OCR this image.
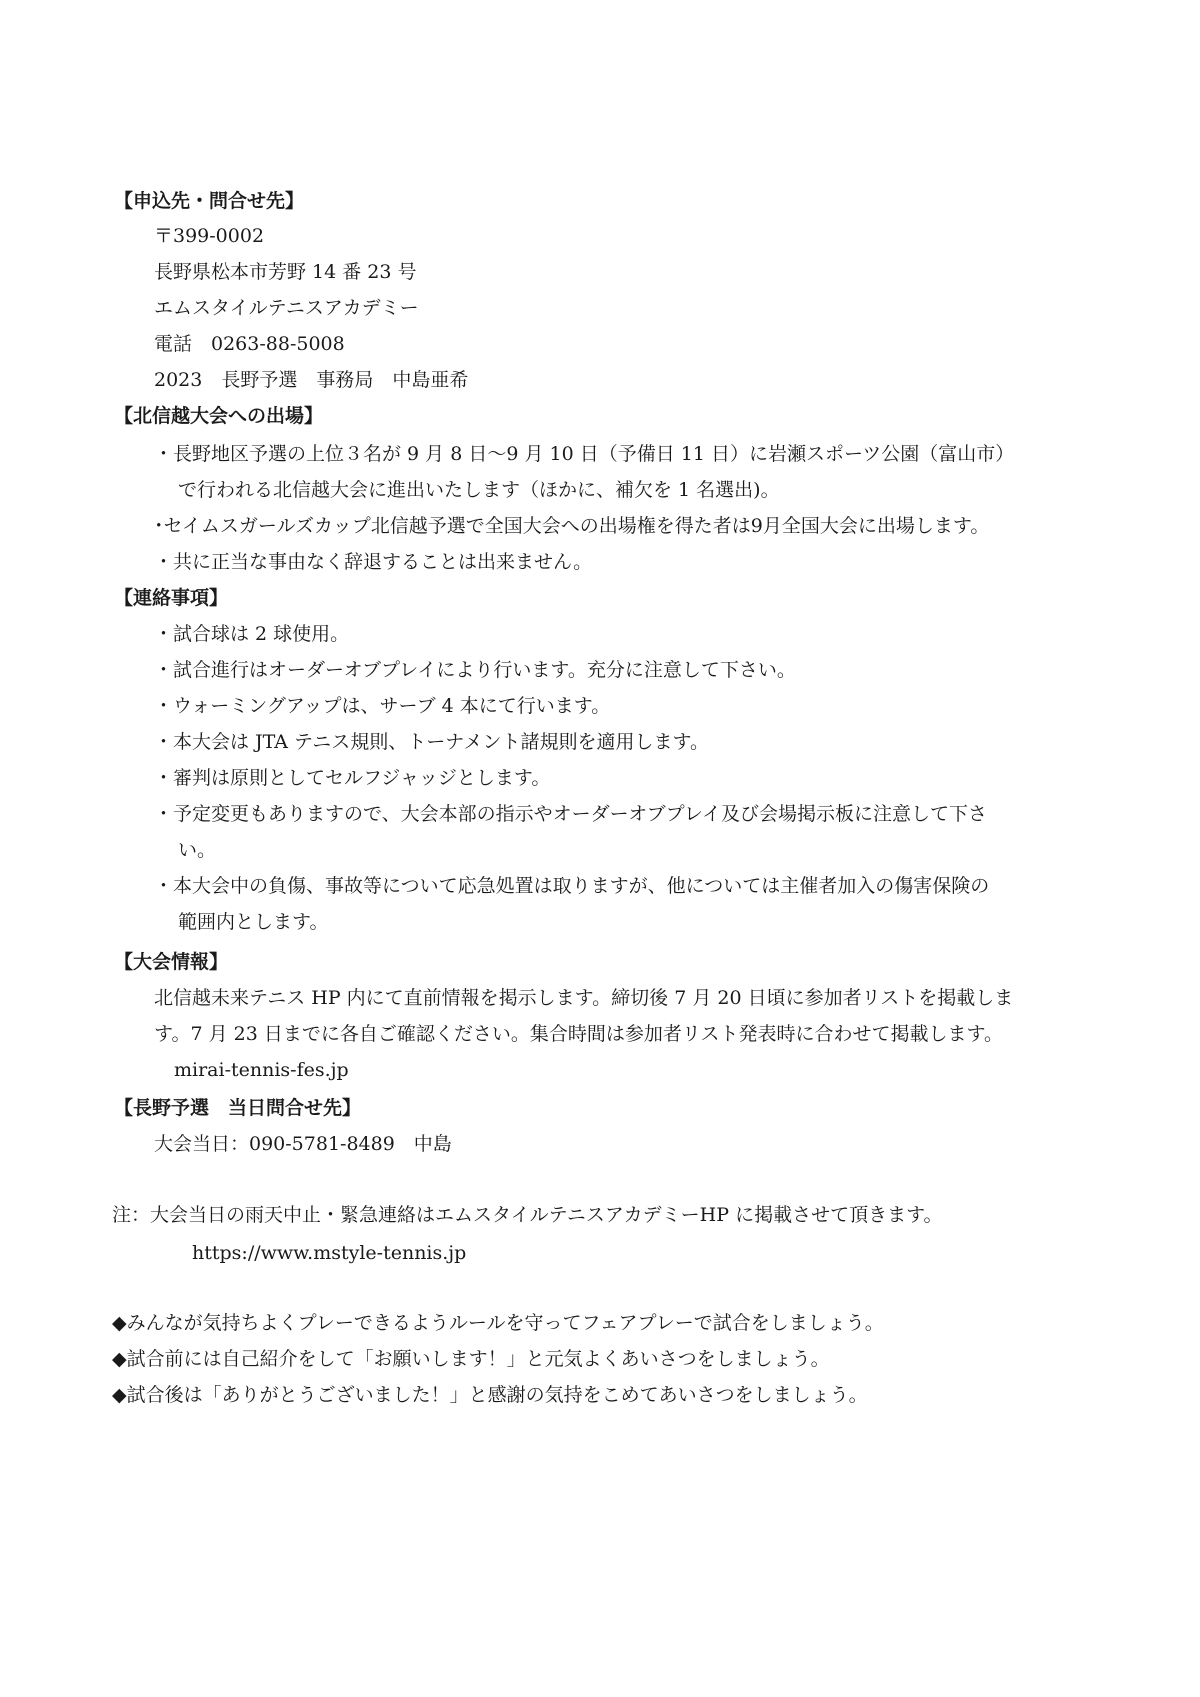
【申込先・問合せ先】
〒399-0002
長野県松本市芳野 14 番 23 号
エムスタイルテニスアカデミー
電話　0263-88-5008
2023　長野予選　事務局　中島亜希
【北信越大会への出場】
・長野地区予選の上位３名が 9 月 8 日～9 月 10 日（予備日 11 日）に岩瀬スポーツ公園（富山市）
で行われる北信越大会に進出いたします（ほかに、補欠を 1 名選出)。
･セイムスガールズカップ北信越予選で全国大会への出場権を得た者は9月全国大会に出場します。
・共に正当な事由なく辞退することは出来ません。
【連絡事項】
・試合球は 2 球使用。
・試合進行はオーダーオブプレイにより行います。充分に注意して下さい。
・ウォーミングアップは、サーブ 4 本にて行います。
・本大会は JTA テニス規則、トーナメント諸規則を適用します。
・審判は原則としてセルフジャッジとします。
・予定変更もありますので、大会本部の指示やオーダーオブプレイ及び会場掲示板に注意して下さ
い。
・本大会中の負傷、事故等について応急処置は取りますが、他については主催者加入の傷害保険の
範囲内とします。
【大会情報】
北信越未来テニス HP 内にて直前情報を掲示します。締切後 7 月 20 日頃に参加者リストを掲載しま
す。7 月 23 日までに各自ご確認ください。集合時間は参加者リスト発表時に合わせて掲載します。
mirai-tennis-fes.jp
【長野予選　当日問合せ先】
大会当日：090-5781-8489　中島
注：大会当日の雨天中止・緊急連絡はエムスタイルテニスアカデミーHP に掲載させて頂きます。
https://www.mstyle-tennis.jp
◆みんなが気持ちよくプレーできるようルールを守ってフェアプレーで試合をしましょう。
◆試合前には自己紹介をして「お願いします！」と元気よくあいさつをしましょう。
◆試合後は「ありがとうございました！」と感謝の気持をこめてあいさつをしましょう。
